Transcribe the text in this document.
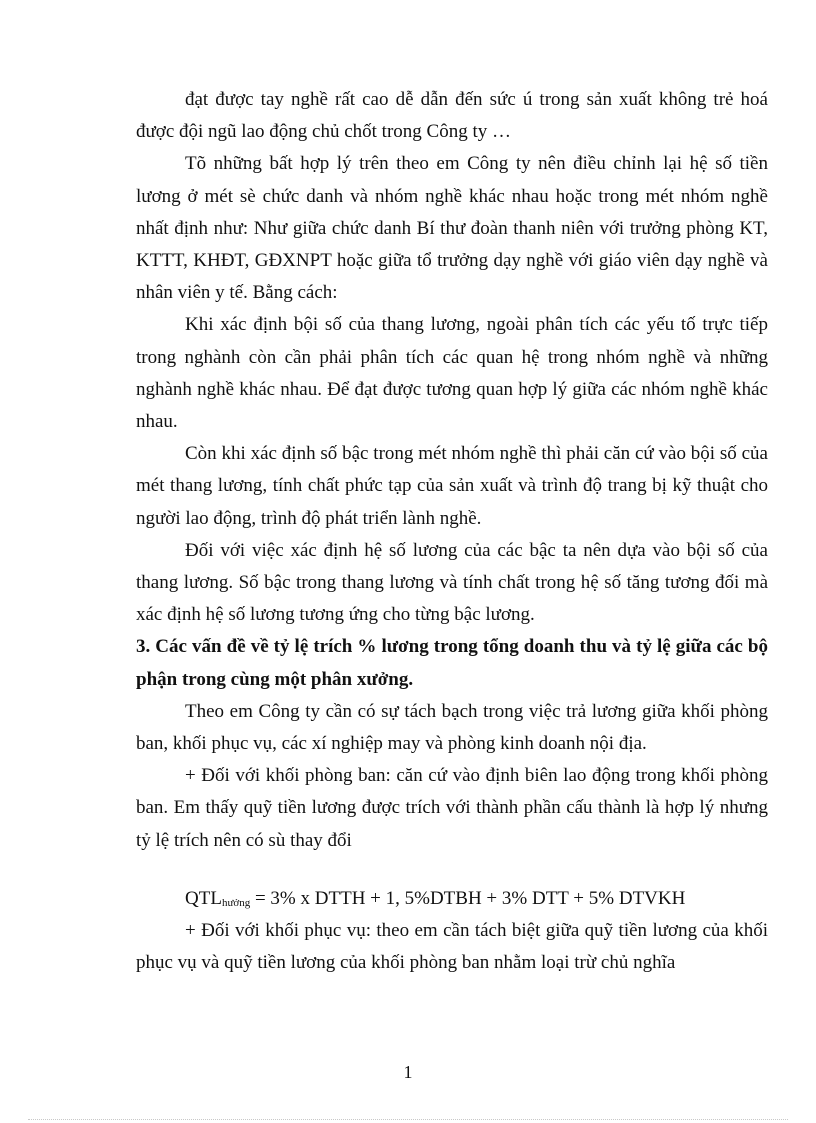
đạt được tay nghề rất cao dễ dẫn đến sức ú trong sản xuất không trẻ hoá được đội ngũ lao động chủ chốt trong Công ty …

Tõ những bất hợp lý trên theo em Công ty nên điều chỉnh lại hệ số tiền lương ở mét sè chức danh và nhóm nghề khác nhau hoặc trong mét nhóm nghề nhất định như: Như giữa chức danh Bí thư đoàn thanh niên với trưởng phòng KT, KTTT, KHĐT, GĐXNPT hoặc giữa tổ trưởng dạy nghề với giáo viên dạy nghề và nhân viên y tế. Bằng cách:

Khi xác định bội số của thang lương, ngoài phân tích các yếu tố trực tiếp trong nghành còn cần phải phân tích các quan hệ trong nhóm nghề và những nghành nghề khác nhau. Để đạt được tương quan hợp lý giữa các nhóm nghề khác nhau.

Còn khi xác định số bậc trong mét nhóm nghề thì phải căn cứ vào bội số của mét thang lương, tính chất phức tạp của sản xuất và trình độ trang bị kỹ thuật cho người lao động, trình độ phát triển lành nghề.

Đối với việc xác định hệ số lương của các bậc ta nên dựa vào bội số của thang lương. Số bậc trong thang lương và tính chất trong hệ số tăng tương đối mà xác định hệ số lương tương ứng cho từng bậc lương.

3. Các vấn đề về tỷ lệ trích % lương trong tổng doanh thu và tỷ lệ giữa các bộ phận trong cùng một phân xưởng.

Theo em Công ty cần có sự tách bạch trong việc trả lương giữa khối phòng ban, khối phục vụ, các xí nghiệp may và phòng kinh doanh nội địa.

+ Đối với khối phòng ban: căn cứ vào định biên lao động trong khối phòng ban. Em thấy quỹ tiền lương được trích với thành phần cấu thành là hợp lý nhưng tỷ lệ trích nên có sù thay đổi

$QTL_{hưởng} = 3\%$ x DTTH + 1, 5%DTBH + 3% DTT + 5% DTVKH

+ Đối với khối phục vụ: theo em cần tách biệt giữa quỹ tiền lương của khối phục vụ và quỹ tiền lương của khối phòng ban nhằm loại trừ chủ nghĩa

1
